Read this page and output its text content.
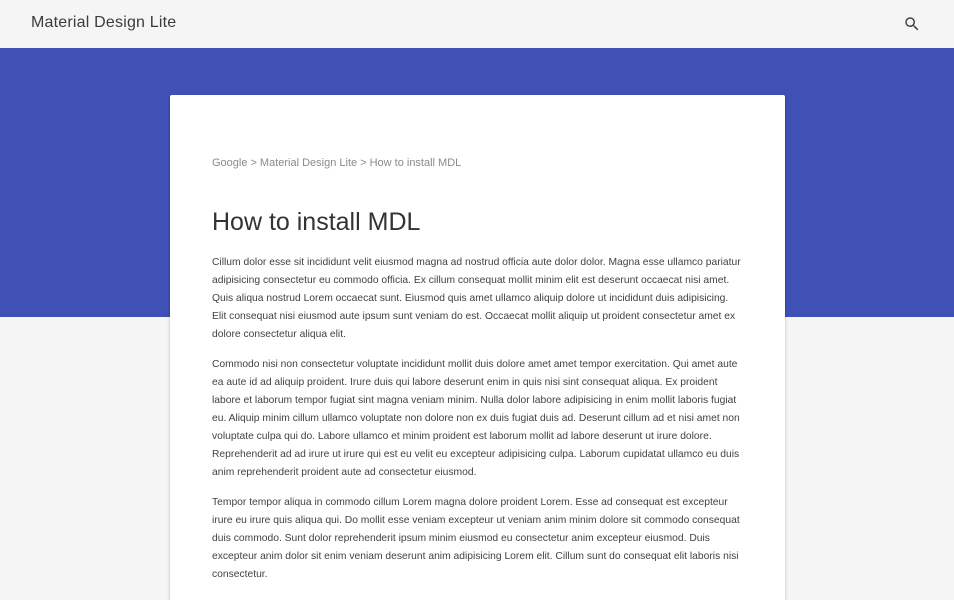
Material Design Lite
Google > Material Design Lite > How to install MDL
How to install MDL

Cillum dolor esse sit incididunt velit eiusmod magna ad nostrud officia aute dolor dolor. Magna esse ullamco pariatur adipisicing consectetur eu commodo officia. Ex cillum consequat mollit minim elit est deserunt occaecat nisi amet. Quis aliqua nostrud Lorem occaecat sunt. Eiusmod quis amet ullamco aliquip dolore ut incididunt duis adipisicing. Elit consequat nisi eiusmod aute ipsum sunt veniam do est. Occaecat mollit aliquip ut proident consectetur amet ex dolore consectetur aliqua elit.

Commodo nisi non consectetur voluptate incididunt mollit duis dolore amet amet tempor exercitation. Qui amet aute ea aute id ad aliquip proident. Irure duis qui labore deserunt enim in quis nisi sint consequat aliqua. Ex proident labore et laborum tempor fugiat sint magna veniam minim. Nulla dolor labore adipisicing in enim mollit laboris fugiat eu. Aliquip minim cillum ullamco voluptate non dolore non ex duis fugiat duis ad. Deserunt cillum ad et nisi amet non voluptate culpa qui do. Labore ullamco et minim proident est laborum mollit ad labore deserunt ut irure dolore. Reprehenderit ad ad irure ut irure qui est eu velit eu excepteur adipisicing culpa. Laborum cupidatat ullamco eu duis anim reprehenderit proident aute ad consectetur eiusmod.

Tempor tempor aliqua in commodo cillum Lorem magna dolore proident Lorem. Esse ad consequat est excepteur irure eu irure quis aliqua qui. Do mollit esse veniam excepteur ut veniam anim minim dolore sit commodo consequat duis commodo. Sunt dolor reprehenderit ipsum minim eiusmod eu consectetur anim excepteur eiusmod. Duis excepteur anim dolor sit enim veniam deserunt anim adipisicing Lorem elit. Cillum sunt do consequat elit laboris nisi consectetur.
